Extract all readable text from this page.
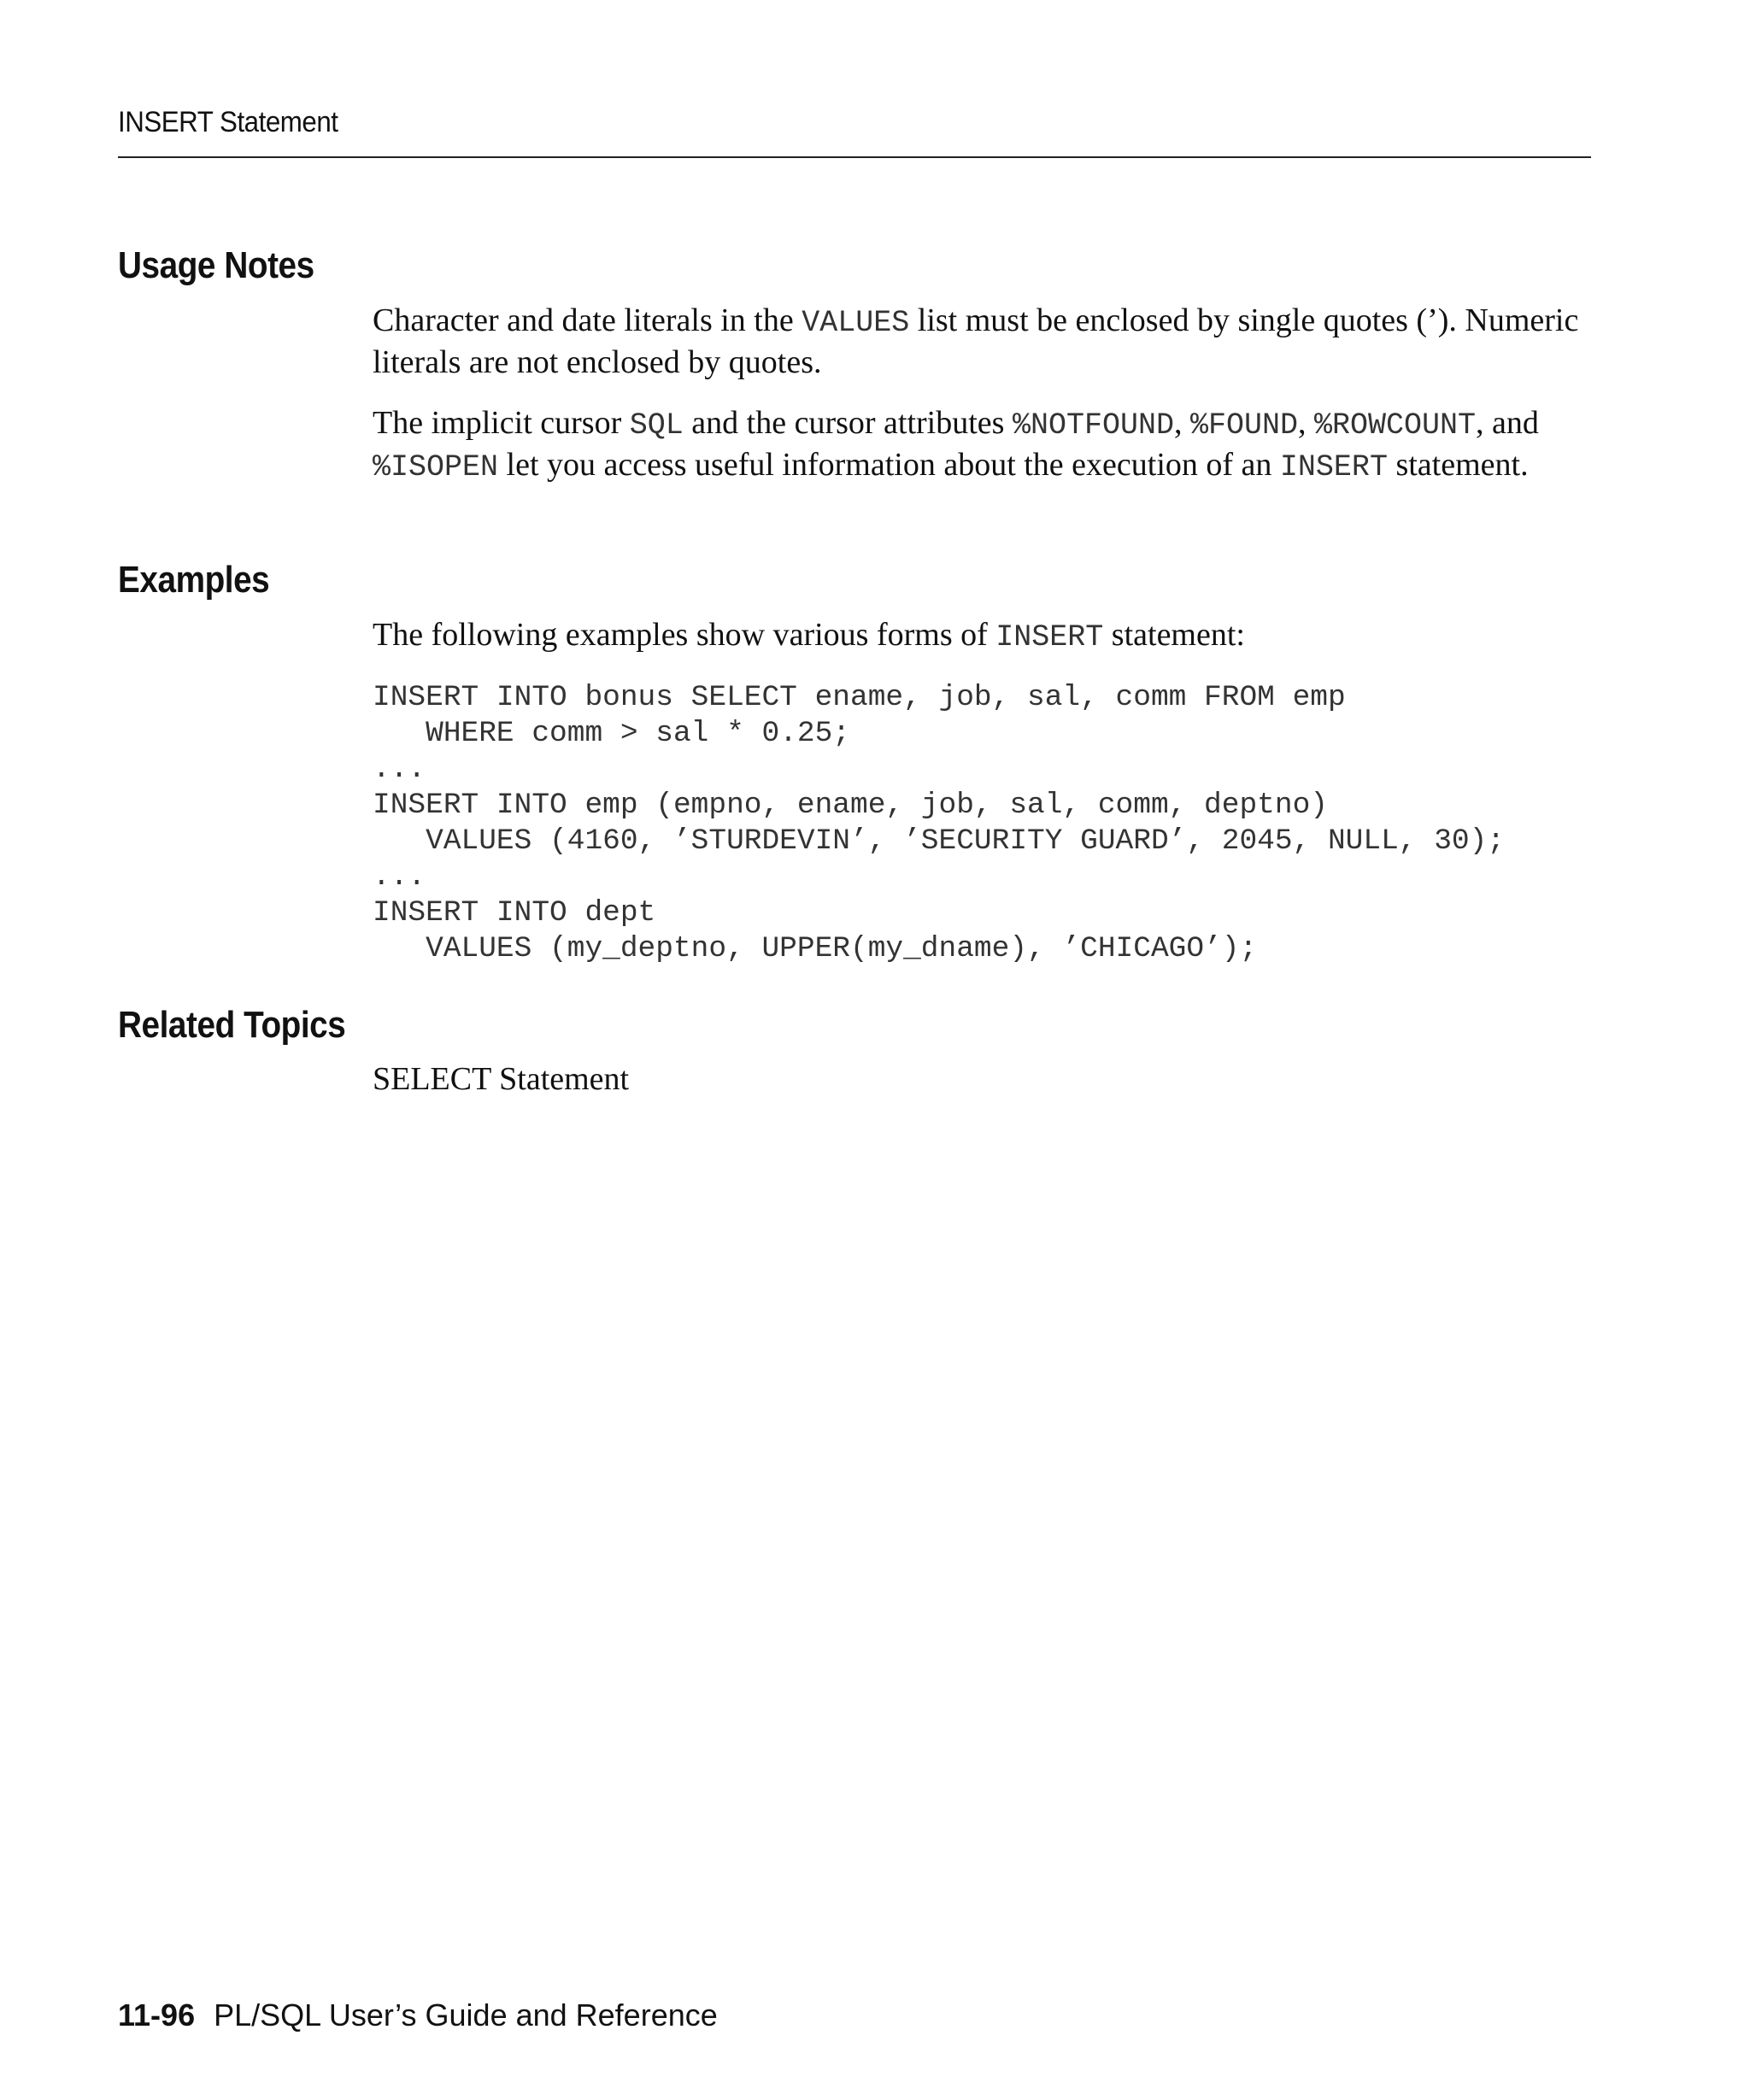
INSERT Statement
Usage Notes

Character and date literals in the VALUES list must be enclosed by single quotes (’). Numeric literals are not enclosed by quotes.

The implicit cursor SQL and the cursor attributes %NOTFOUND, %FOUND, %ROWCOUNT, and %ISOPEN let you access useful information about the execution of an INSERT statement.

Examples

The following examples show various forms of INSERT statement:

INSERT INTO bonus SELECT ename, job, sal, comm FROM emp
WHERE comm > sal * 0.25;
...
INSERT INTO emp (empno, ename, job, sal, comm, deptno)
VALUES (4160, ’STURDEVIN’, ’SECURITY GUARD’, 2045, NULL, 30);
...
INSERT INTO dept
VALUES (my_deptno, UPPER(my_dname), ’CHICAGO’);
Related Topics

SELECT Statement

11-96 PL/SQL User’s Guide and Reference
